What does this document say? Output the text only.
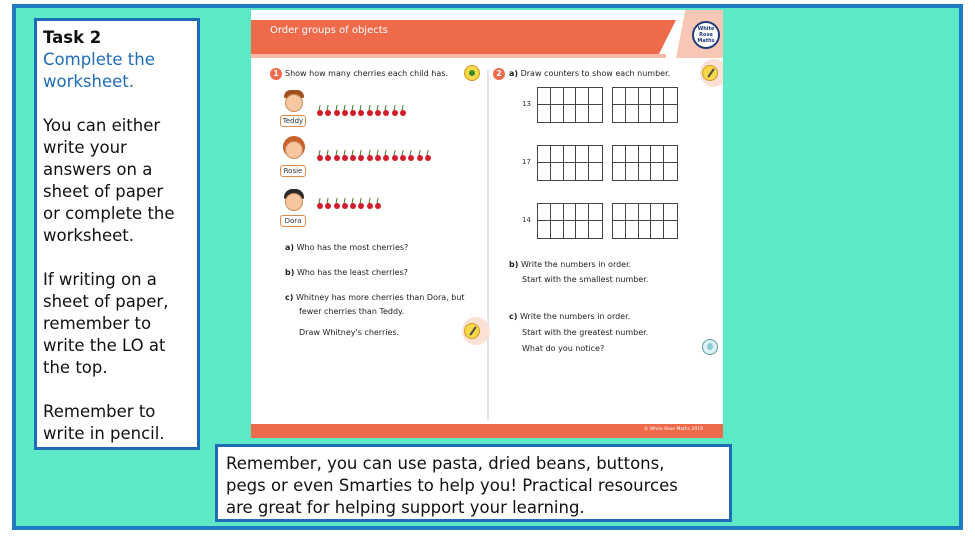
Task 2
Complete the
worksheet.

You can either
write your
answers on a
sheet of paper
or complete the
worksheet.

If writing on a
sheet of paper,
remember to
write the LO at
the top.

Remember to
write in pencil.

Order groups of objects	White
Rose
Maths
1 Show how many cherries each child has.
Teddy
Rosie
Dora
a) Who has the most cherries?
b) Who has the least cherries?
c) Whitney has more cherries than Dora, but
fewer cherries than Teddy.
Draw Whitney's cherries.
2 a) Draw counters to show each number.
13
17
14
b) Write the numbers in order.
Start with the smallest number.
c) Write the numbers in order.
Start with the greatest number.
What do you notice?
© White Rose Maths 2019
Remember, you can use pasta, dried beans, buttons,
pegs or even Smarties to help you! Practical resources
are great for helping support your learning.
